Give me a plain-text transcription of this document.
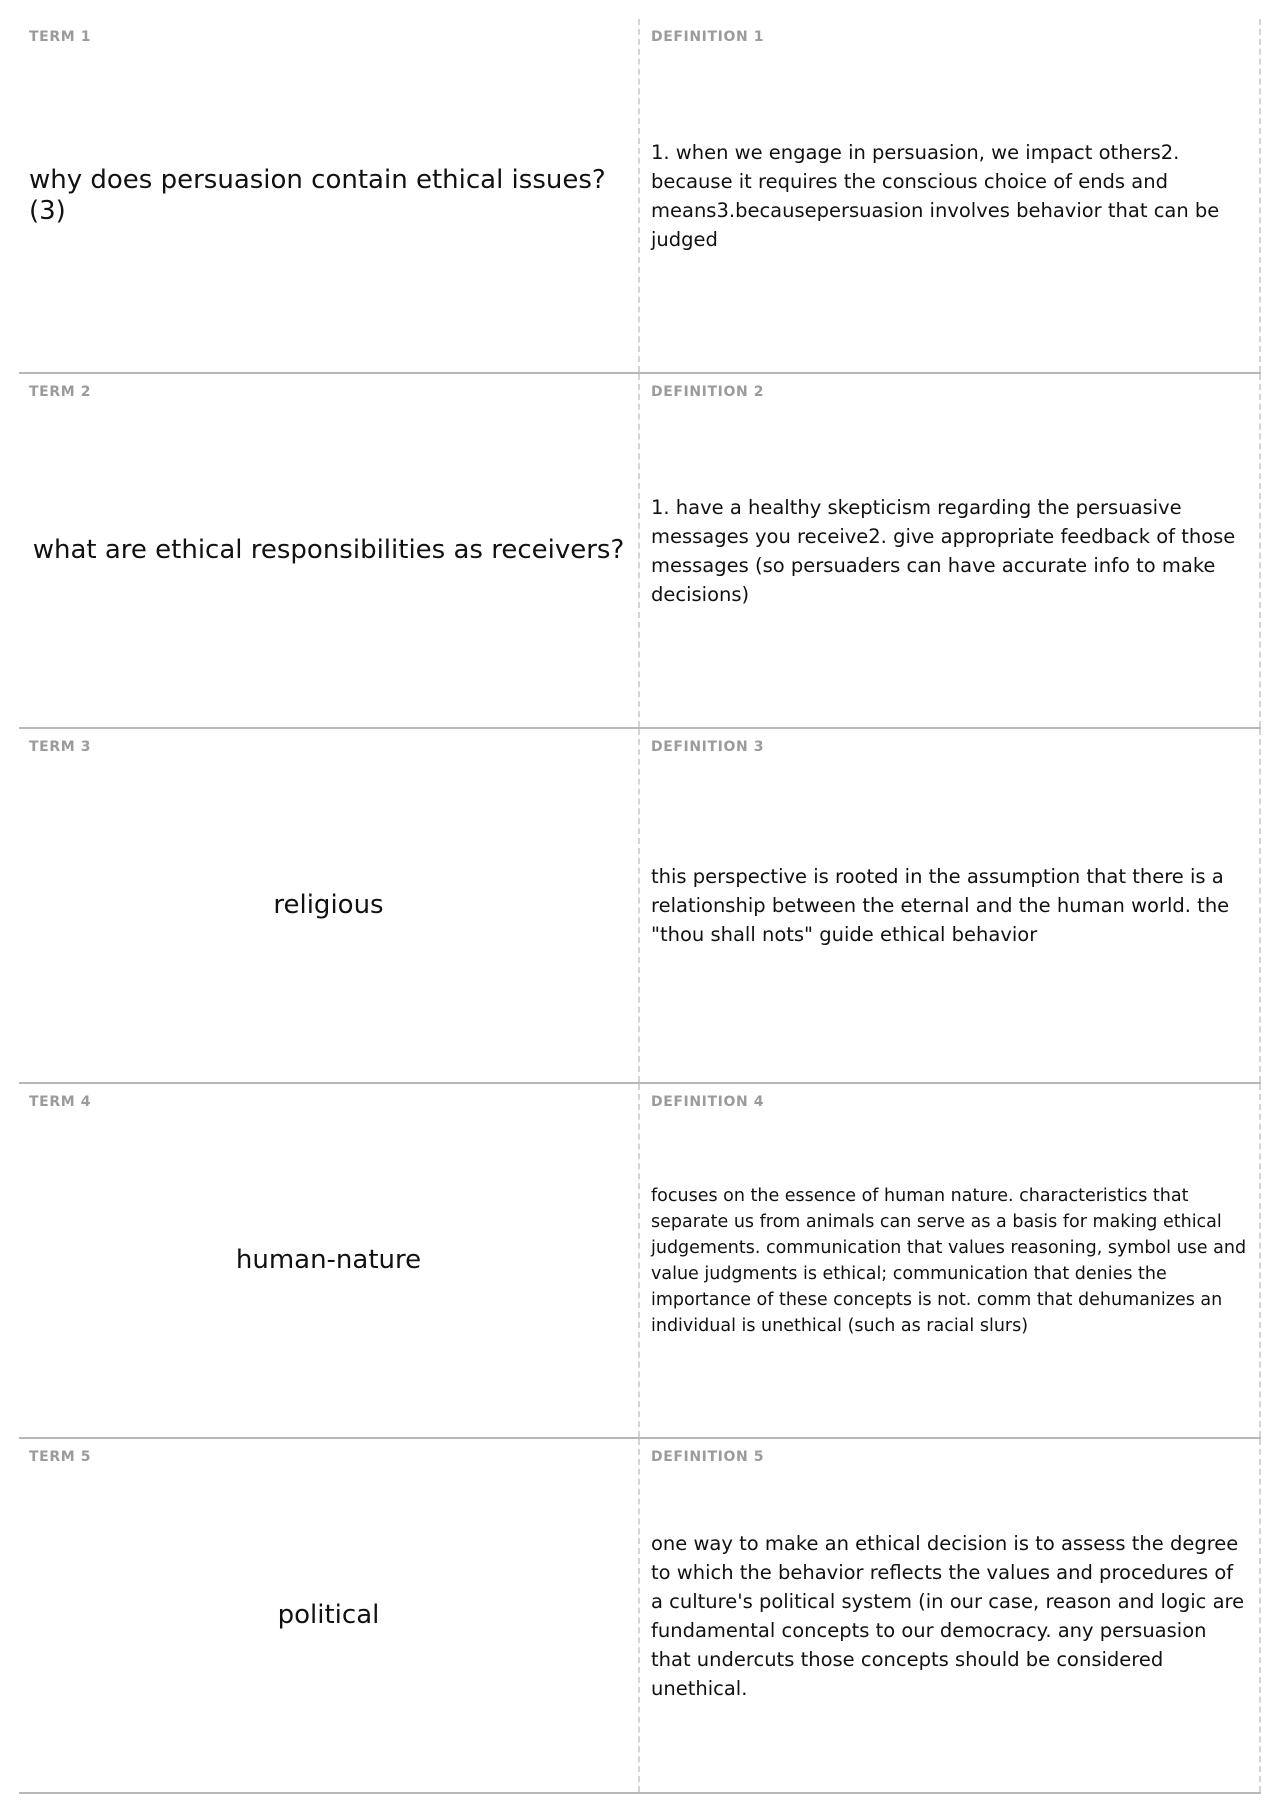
TERM 1
why does persuasion contain ethical issues? (3)
DEFINITION 1
1. when we engage in persuasion, we impact others2. because it requires the conscious choice of ends and means3.becausepersuasion involves behavior that can be judged
TERM 2
what are ethical responsibilities as receivers?
DEFINITION 2
1. have a healthy skepticism regarding the persuasive messages you receive2. give appropriate feedback of those messages (so persuaders can have accurate info to make decisions)
TERM 3
religious
DEFINITION 3
this perspective is rooted in the assumption that there is a relationship between the eternal and the human world. the "thou shall nots" guide ethical behavior
TERM 4
human-nature
DEFINITION 4
focuses on the essence of human nature. characteristics that separate us from animals can serve as a basis for making ethical judgements. communication that values reasoning, symbol use and value judgments is ethical; communication that denies the importance of these concepts is not. comm that dehumanizes an individual is unethical (such as racial slurs)
TERM 5
political
DEFINITION 5
one way to make an ethical decision is to assess the degree to which the behavior reflects the values and procedures of a culture's political system (in our case, reason and logic are fundamental concepts to our democracy. any persuasion that undercuts those concepts should be considered unethical.
